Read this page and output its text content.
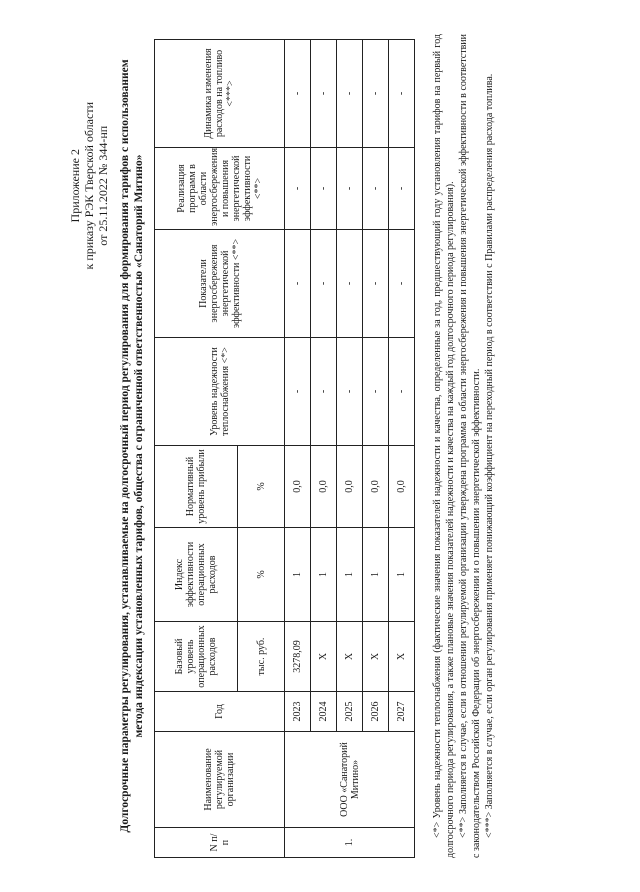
Приложение 2 к приказу РЭК Тверской области от 25.11.2022 № 344-нп Долгосрочные параметры регулирования, устанавливаемые на долгосрочный период регулирования для формирования тарифов с использованием метода индексации установленных тарифов, общества с ограниченной ответственностью «Санаторий Митино»
N п/п	Наименование регулируемой организации	Год	Базовый уровень операционных расходов	Индекс эффективности операционных расходов	Нормативный уровень прибыли	Уровень надежности теплоснабжения <*>	Показатели энергосбережения энергетической эффективности <**>	Реализация программ в области энергосбережения и повышения энергетической эффективности <**>	Динамика изменения расходов на топливо <***>
			тыс. руб.	%	%				
1.	ООО «Санаторий Митино»	2023	3278,09	1	0,0	-	-	-	-
		2024	X	1	0,0	-	-	-	-
		2025	X	1	0,0	-	-	-	-
		2026	X	1	0,0	-	-	-	-
		2027	X	1	0,0	-	-	-	-	<*> Уровень надежности теплоснабжения (фактические значения показателей надежности и качества, определенные за год, предшествующий году установления тарифов на первый год долгосрочного периода регулирования, а также плановые значения показателей надежности и качества на каждый год долгосрочного периода регулирования). <**> Заполняется в случае, если в отношении регулируемой организации утверждена программа в области энергосбережения и повышения энергетической эффективности в соответствии с законодательством Российской Федерации об энергосбережении и о повышении энергетической эффективности. <***> Заполняется в случае, если орган регулирования применяет понижающий коэффициент на переходный период в соответствии с Правилами распределения расхода топлива.
